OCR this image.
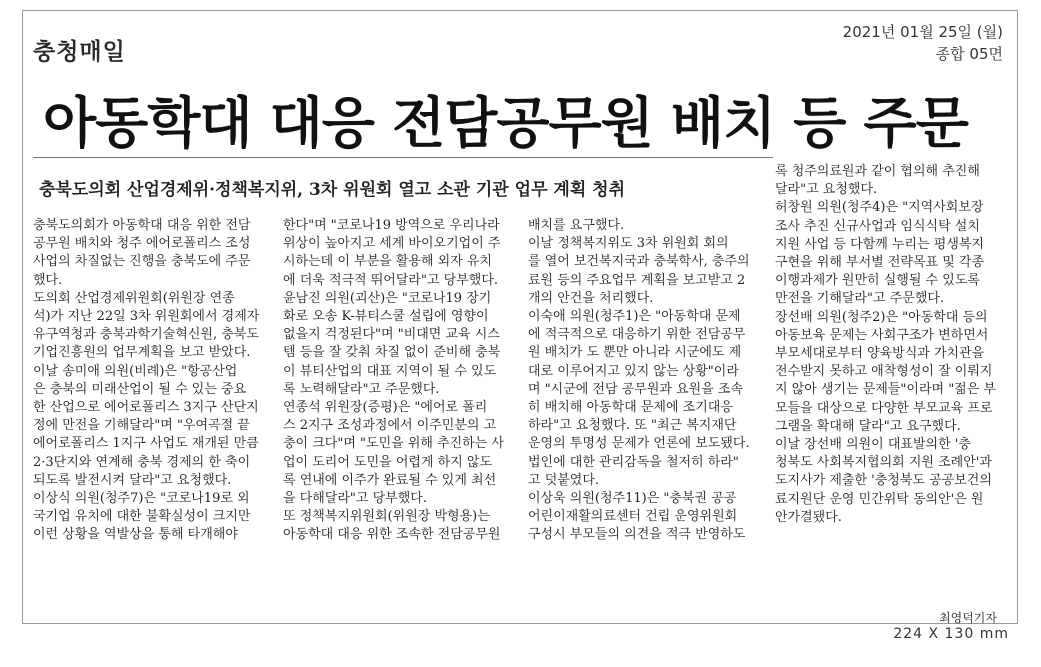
충청매일
2021년 01월 25일 (월)
종합 05면
아동학대 대응 전담공무원 배치 등 주문
충북도의회 산업경제위·정책복지위, 3차 위원회 열고 소관 기관 업무 계획 청취

충북도의회가 아동학대 대응 위한 전담
공무원 배치와 청주 에어로폴리스 조성
사업의 차질없는 진행을 충북도에 주문
했다.
도의회 산업경제위원회(위원장 연종
석)가 지난 22일 3차 위원회에서 경제자
유구역청과 충북과학기술혁신원, 충북도
기업진흥원의 업무계획을 보고 받았다.
이날 송미애 의원(비례)은 "항공산업
은 충북의 미래산업이 될 수 있는 중요
한 산업으로 에어로폴리스 3지구 산단지
정에 만전을 기해달라"며 "우여곡절 끝
에어로폴리스 1지구 사업도 재개된 만큼
2·3단지와 연계해 충북 경제의 한 축이
되도록 발전시켜 달라"고 요청했다.
이상식 의원(청주7)은 "코로나19로 외
국기업 유치에 대한 불확실성이 크지만
이런 상황을 역발상을 통해 타개해야

한다"며 "코로나19 방역으로 우리나라
위상이 높아지고 세계 바이오기업이 주
시하는데 이 부분을 활용해 외자 유치
에 더욱 적극적 뛰어달라"고 당부했다.
윤남진 의원(괴산)은 "코로나19 장기
화로 오송 K-뷰티스쿨 설립에 영향이
없을지 걱정된다"며 "비대면 교육 시스
템 등을 잘 갖춰 차질 없이 준비해 충북
이 뷰티산업의 대표 지역이 될 수 있도
록 노력해달라"고 주문했다.
연종석 위원장(증평)은 "에어로 폴리
스 2지구 조성과정에서 이주민분의 고
충이 크다"며 "도민을 위해 추진하는 사
업이 도리어 도민을 어렵게 하지 않도
록 연내에 이주가 완료될 수 있게 최선
을 다해달라"고 당부했다.
또 정책복지위원회(위원장 박형용)는
아동학대 대응 위한 조속한 전담공무원

배치를 요구했다.
이날 정책복지위도 3차 위원회 회의
를 열어 보건복지국과 충북학사, 충주의
료원 등의 주요업무 계획을 보고받고 2
개의 안건을 처리했다.
이숙애 의원(청주1)은 "아동학대 문제
에 적극적으로 대응하기 위한 전담공무
원 배치가 도 뿐만 아니라 시군에도 제
대로 이루어지고 있지 않는 상황"이라
며 "시군에 전담 공무원과 요원을 조속
히 배치해 아동학대 문제에 조기대응
하라"고 요청했다. 또 "최근 복지재단
운영의 투명성 문제가 언론에 보도됐다.
법인에 대한 관리감독을 철저히 하라"
고 덧붙였다.
이상욱 의원(청주11)은 "충북권 공공
어린이재활의료센터 건립 운영위원회
구성시 부모들의 의견을 적극 반영하도

록 청주의료원과 같이 협의해 추진해
달라"고 요청했다.
허창원 의원(청주4)은 "지역사회보장
조사 추진 신규사업과 임식식탁 설치
지원 사업 등 다함께 누리는 평생복지
구현을 위해 부서별 전략목표 및 각종
이행과제가 원만히 실행될 수 있도록
만전을 기해달라"고 주문했다.
장선배 의원(청주2)은 "아동학대 등의
아동보육 문제는 사회구조가 변하면서
부모세대로부터 양육방식과 가치관을
전수받지 못하고 애착형성이 잘 이뤄지
지 않아 생기는 문제들"이라며 "젊은 부
모들을 대상으로 다양한 부모교육 프로
그램을 확대해 달라"고 요구했다.
이날 장선배 의원이 대표발의한 '충
청북도 사회복지협의회 지원 조례안'과
도지사가 제출한 '충청북도 공공보건의
료지원단 운영 민간위탁 동의안'은 원
안가결됐다.

최영덕기자
224 X 130 mm
